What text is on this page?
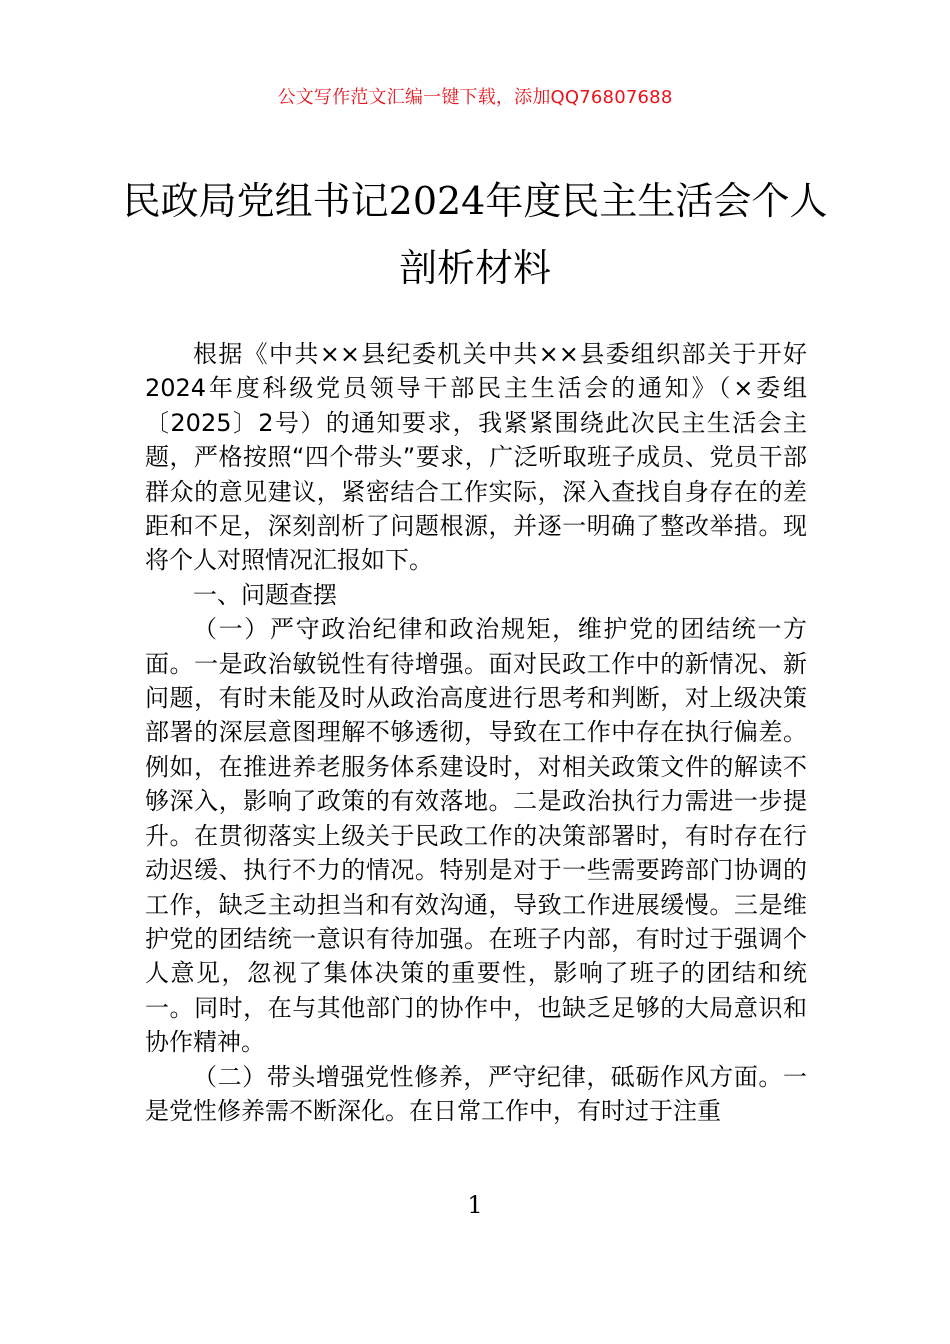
公文写作范文汇编一键下载，添加QQ76807688
民政局党组书记2024年度民主生活会个人
剖析材料

根据《中共××县纪委机关中共××县委组织部关于开好2024年度科级党员领导干部民主生活会的通知》（×委组〔2025〕2号）的通知要求，我紧紧围绕此次民主生活会主题，严格按照“四个带头”要求，广泛听取班子成员、党员干部群众的意见建议，紧密结合工作实际，深入查找自身存在的差距和不足，深刻剖析了问题根源，并逐一明确了整改举措。现将个人对照情况汇报如下。

一、问题查摆

（一）严守政治纪律和政治规矩，维护党的团结统一方面。一是政治敏锐性有待增强。面对民政工作中的新情况、新问题，有时未能及时从政治高度进行思考和判断，对上级决策部署的深层意图理解不够透彻，导致在工作中存在执行偏差。例如，在推进养老服务体系建设时，对相关政策文件的解读不够深入，影响了政策的有效落地。二是政治执行力需进一步提升。在贯彻落实上级关于民政工作的决策部署时，有时存在行动迟缓、执行不力的情况。特别是对于一些需要跨部门协调的工作，缺乏主动担当和有效沟通，导致工作进展缓慢。三是维护党的团结统一意识有待加强。在班子内部，有时过于强调个人意见，忽视了集体决策的重要性，影响了班子的团结和统一。同时，在与其他部门的协作中，也缺乏足够的大局意识和协作精神。

（二）带头增强党性修养，严守纪律，砥砺作风方面。一是党性修养需不断深化。在日常工作中，有时过于注重

1
